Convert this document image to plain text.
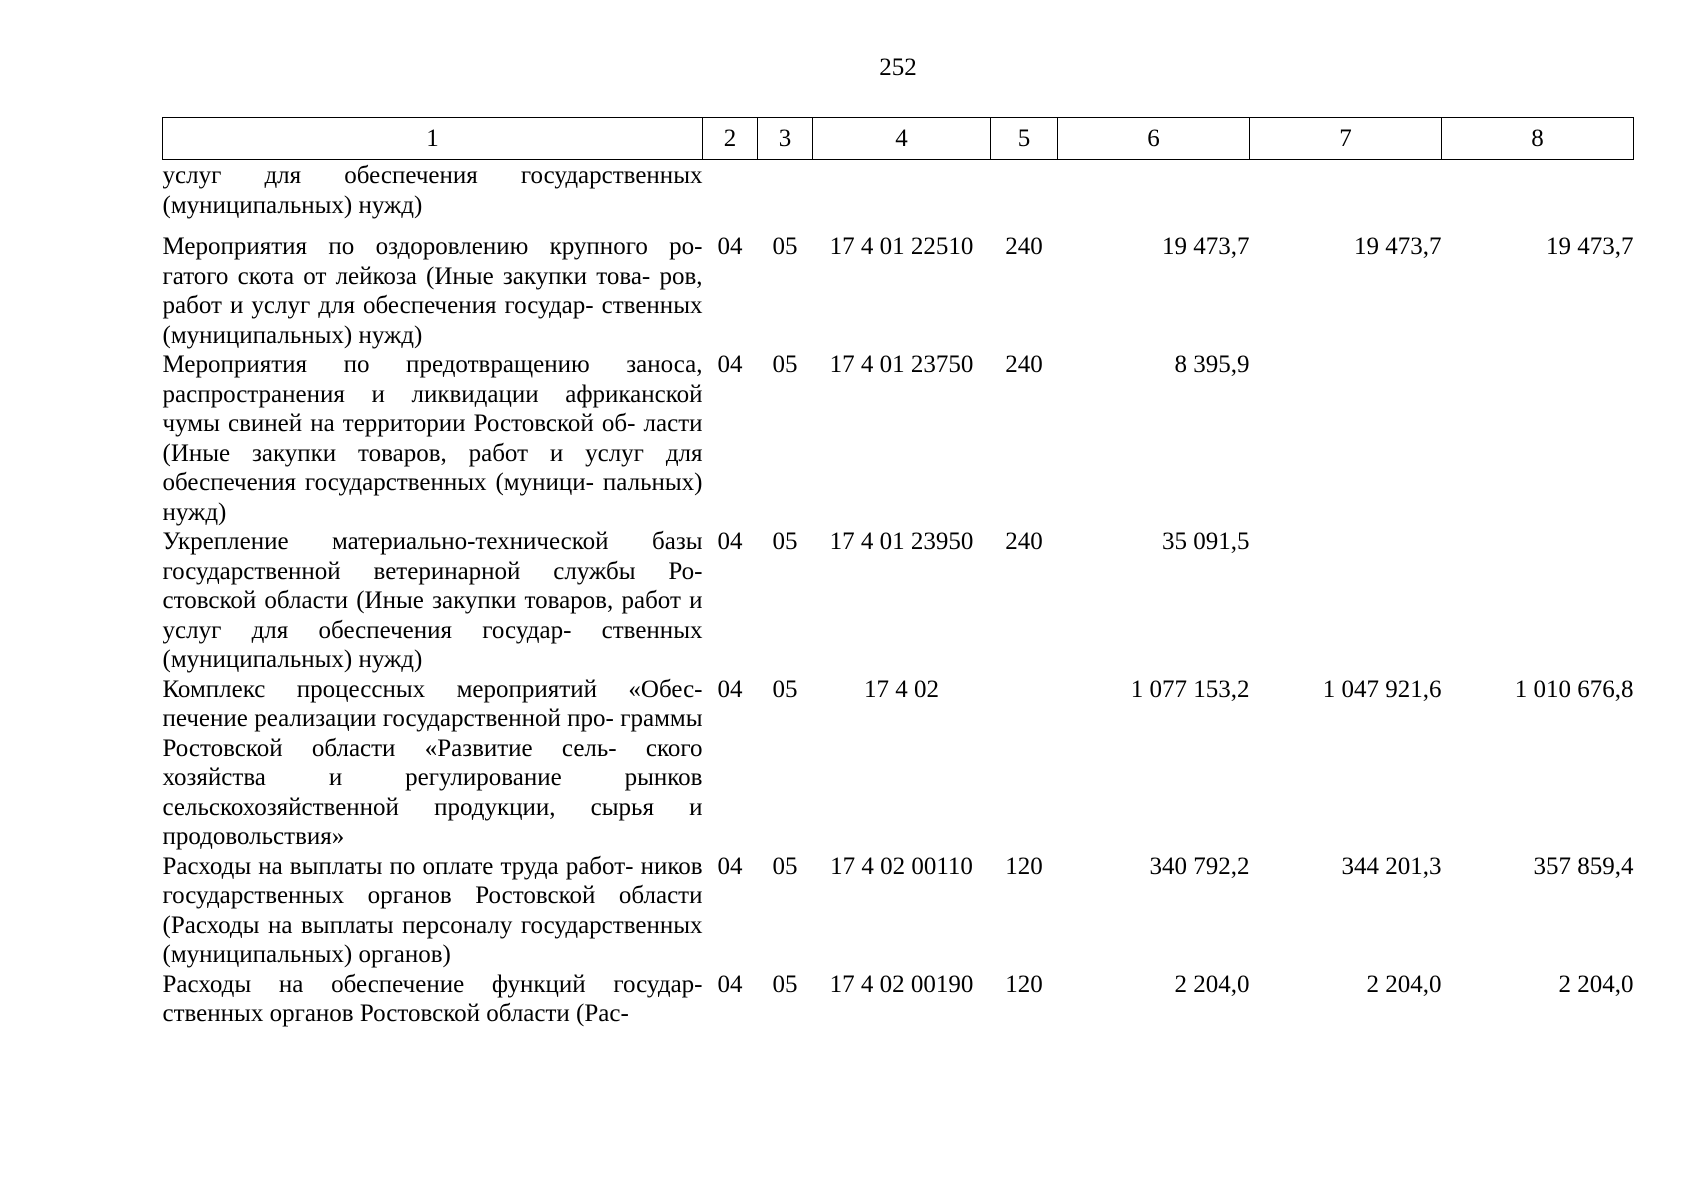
252
1	2	3	4	5	6	7	8
услуг для обеспечения государственных (муниципальных) нужд)							
Мероприятия по оздоровлению крупного ро- гатого скота от лейкоза (Иные закупки това- ров, работ и услуг для обеспечения государ- ственных (муниципальных) нужд)	04	05	17 4 01 22510	240	19 473,7	19 473,7	19 473,7
Мероприятия по предотвращению заноса, распространения и ликвидации африканской чумы свиней на территории Ростовской об- ласти (Иные закупки товаров, работ и услуг для обеспечения государственных (муници- пальных) нужд)	04	05	17 4 01 23750	240	8 395,9		
Укрепление материально-технической базы государственной ветеринарной службы Ро- стовской области (Иные закупки товаров, работ и услуг для обеспечения государ- ственных (муниципальных) нужд)	04	05	17 4 01 23950	240	35 091,5		
Комплекс процессных мероприятий «Обес- печение реализации государственной про- граммы Ростовской области «Развитие сель- ского хозяйства и регулирование рынков сельскохозяйственной продукции, сырья и продовольствия»	04	05	17 4 02		1 077 153,2	1 047 921,6	1 010 676,8
Расходы на выплаты по оплате труда работ- ников государственных органов Ростовской области (Расходы на выплаты персоналу государственных (муниципальных) органов)	04	05	17 4 02 00110	120	340 792,2	344 201,3	357 859,4
Расходы на обеспечение функций государ- ственных органов Ростовской области (Рас-	04	05	17 4 02 00190	120	2 204,0	2 204,0	2 204,0
